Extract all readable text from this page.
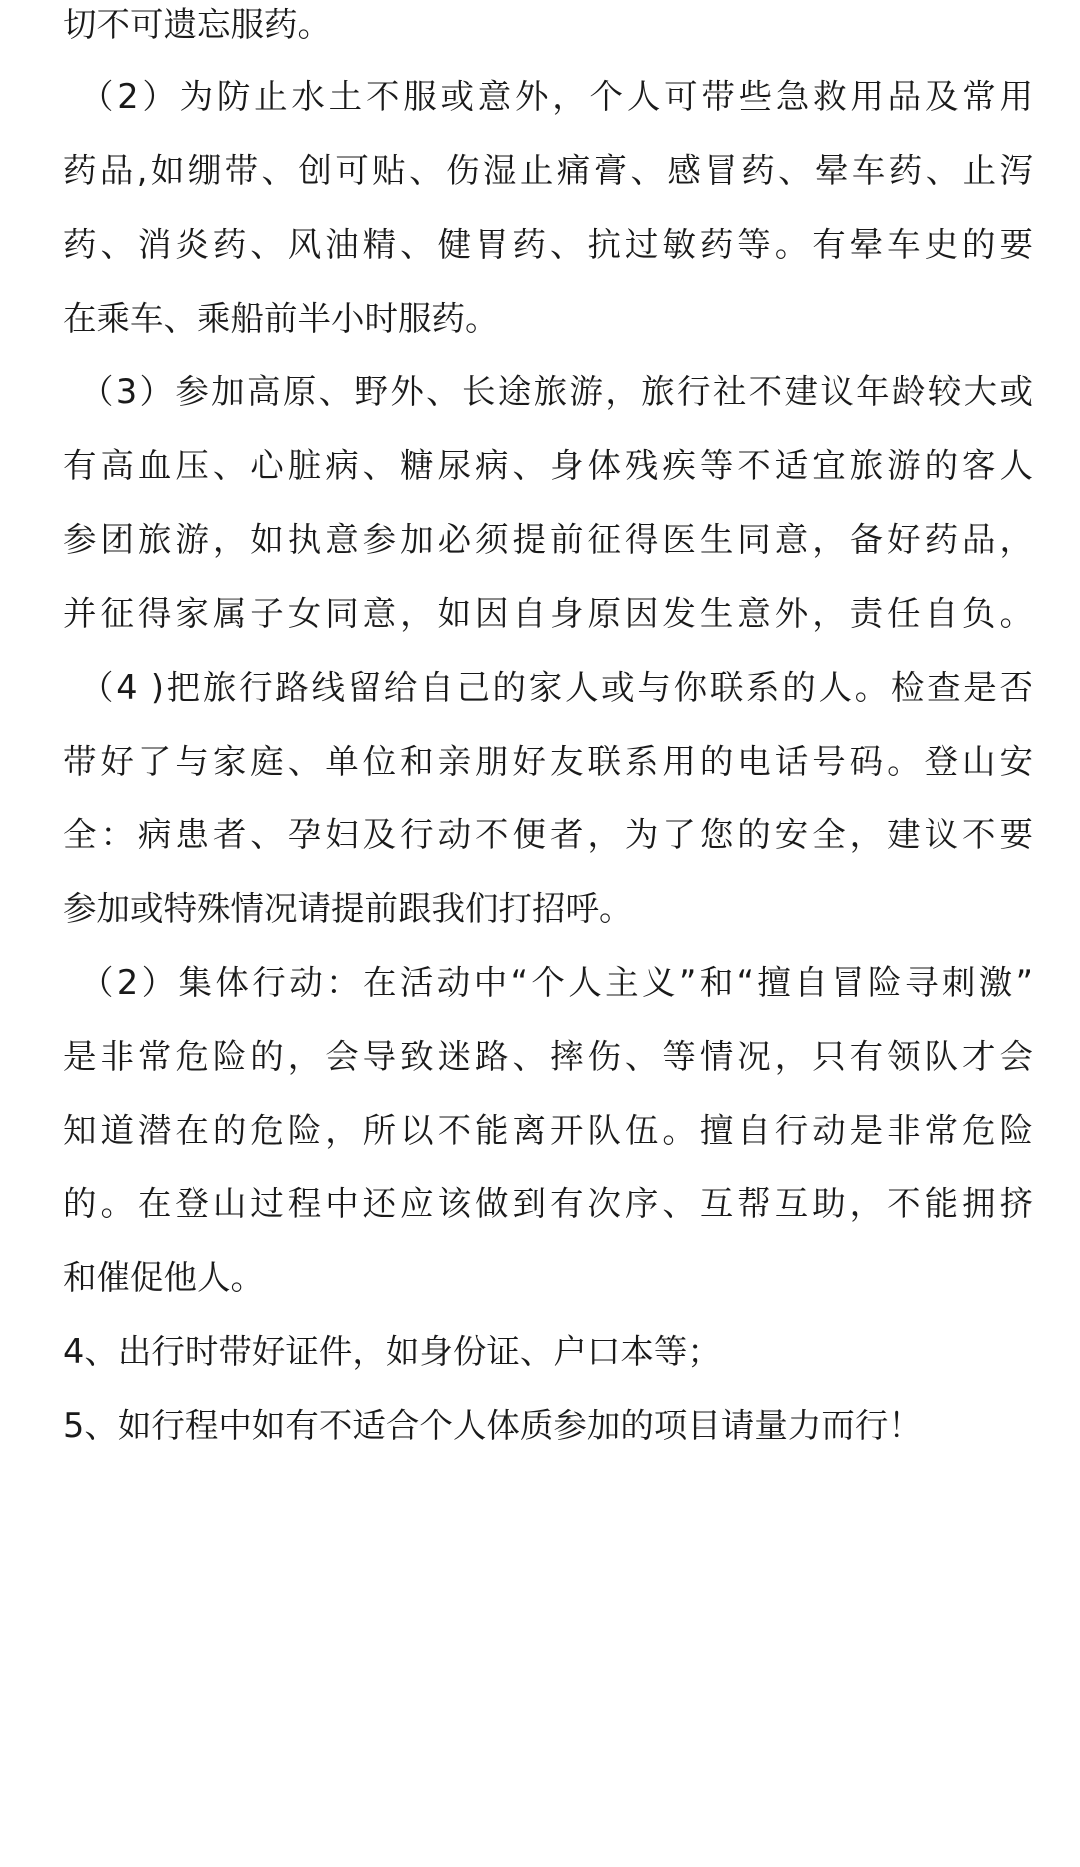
切不可遗忘服药。
（2）为防止水土不服或意外，个人可带些急救用品及常用
药品,如绷带、创可贴、伤湿止痛膏、感冒药、晕车药、止泻
药、消炎药、风油精、健胃药、抗过敏药等。有晕车史的要
在乘车、乘船前半小时服药。
（3）参加高原、野外、长途旅游，旅行社不建议年龄较大或
有高血压、心脏病、糖尿病、身体残疾等不适宜旅游的客人
参团旅游，如执意参加必须提前征得医生同意，备好药品，
并征得家属子女同意，如因自身原因发生意外，责任自负。
（4 )把旅行路线留给自己的家人或与你联系的人。检查是否
带好了与家庭、单位和亲朋好友联系用的电话号码。登山安
全：病患者、孕妇及行动不便者，为了您的安全，建议不要
参加或特殊情况请提前跟我们打招呼。
（2）集体行动：在活动中“个人主义”和“擅自冒险寻刺激”
是非常危险的，会导致迷路、摔伤、等情况，只有领队才会
知道潜在的危险，所以不能离开队伍。擅自行动是非常危险
的。在登山过程中还应该做到有次序、互帮互助，不能拥挤
和催促他人。
4、出行时带好证件，如身份证、户口本等；
5、如行程中如有不适合个人体质参加的项目请量力而行！
